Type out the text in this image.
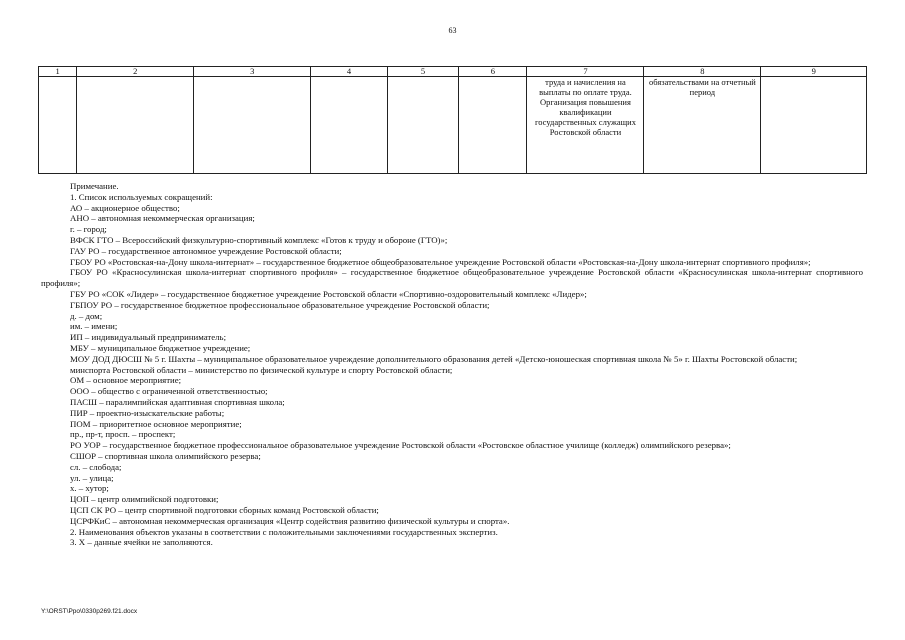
63
1	2	3	4	5	6	7	8	9
						труда и начисления на выплаты по оплате труда. Организация повышения квалификации государственных служащих Ростовской области	обязательствами на отчетный период	

Примечание.

1. Список используемых сокращений:

АО – акционерное общество;

АНО – автономная некоммерческая организация;

г. – город;

ВФСК ГТО – Всероссийский физкультурно-спортивный комплекс «Готов к труду и обороне (ГТО)»;

ГАУ РО – государственное автономное учреждение Ростовской области;

ГБОУ РО «Ростовская-на-Дону школа-интернат» – государственное бюджетное общеобразовательное учреждение Ростовской области «Ростовская-на-Дону школа-интернат спортивного профиля»;

ГБОУ РО «Красносулинская школа-интернат спортивного профиля» – государственное бюджетное общеобразовательное учреждение Ростовской области «Красносулинская школа-интернат спортивного профиля»;

ГБУ РО «СОК «Лидер» – государственное бюджетное учреждение Ростовской области «Спортивно-оздоровительный комплекс «Лидер»;

ГБПОУ РО – государственное бюджетное профессиональное образовательное учреждение Ростовской области;

д. – дом;

им. – имени;

ИП – индивидуальный предприниматель;

МБУ – муниципальное бюджетное учреждение;

МОУ ДОД ДЮСШ № 5 г. Шахты – муниципальное образовательное учреждение дополнительного образования детей «Детско-юношеская спортивная школа № 5» г. Шахты Ростовской области;

минспорта Ростовской области – министерство по физической культуре и спорту Ростовской области;

ОМ – основное мероприятие;

ООО – общество с ограниченной ответственностью;

ПАСШ – паралимпийская адаптивная спортивная школа;

ПИР – проектно-изыскательские работы;

ПОМ – приоритетное основное мероприятие;

пр., пр-т, просп. – проспект;

РО УОР – государственное бюджетное профессиональное образовательное учреждение Ростовской области «Ростовское областное училище (колледж) олимпийского резерва»;

СШОР – спортивная школа олимпийского резерва;

сл. – слобода;

ул. – улица;

х. – хутор;

ЦОП – центр олимпийской подготовки;

ЦСП СК РО – центр спортивной подготовки сборных команд Ростовской области;

ЦСРФКиС – автономная некоммерческая организация «Центр содействия развитию физической культуры и спорта».

2. Наименования объектов указаны в соответствии с положительными заключениями государственных экспертиз.

3. Х – данные ячейки не заполняются.

Y:\ORST\Ppo\0330p269.f21.docx
